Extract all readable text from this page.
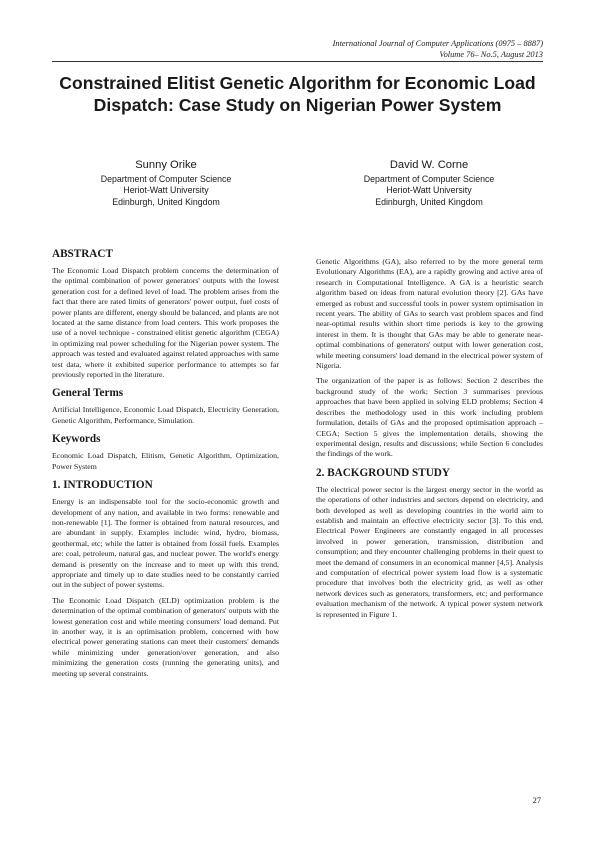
International Journal of Computer Applications (0975 – 8887)
Volume 76– No.5, August 2013
Constrained Elitist Genetic Algorithm for Economic Load Dispatch: Case Study on Nigerian Power System
Sunny Orike
Department of Computer Science
Heriot-Watt University
Edinburgh, United Kingdom
David W. Corne
Department of Computer Science
Heriot-Watt University
Edinburgh, United Kingdom
ABSTRACT

The Economic Load Dispatch problem concerns the determination of the optimal combination of power generators' outputs with the lowest generation cost for a defined level of load. The problem arises from the fact that there are rated limits of generators' power output, fuel costs of power plants are different, energy should be balanced, and plants are not located at the same distance from load centers. This work proposes the use of a novel technique - constrained elitist genetic algorithm (CEGA) in optimizing real power scheduling for the Nigerian power system. The approach was tested and evaluated against related approaches with same test data, where it exhibited superior performance to attempts so far previously reported in the literature.

General Terms

Artificial Intelligence, Economic Load Dispatch, Electricity Generation, Genetic Algorithm, Performance, Simulation.

Keywords

Economic Load Dispatch, Elitism, Genetic Algorithm, Optimization, Power System

1. INTRODUCTION

Energy is an indispensable tool for the socio-economic growth and development of any nation, and available in two forms: renewable and non-renewable [1]. The former is obtained from natural resources, and are abundant in supply. Examples include: wind, hydro, biomass, geothermal, etc; while the latter is obtained from fossil fuels. Examples are: coal, petroleum, natural gas, and nuclear power. The world's energy demand is presently on the increase and to meet up with this trend, appropriate and timely up to date studies need to be constantly carried out in the subject of power systems.

The Economic Load Dispatch (ELD) optimization problem is the determination of the optimal combination of generators' outputs with the lowest generation cost and while meeting consumers' load demand. Put in another way, it is an optimisation problem, concerned with how electrical power generating stations can meet their customers' demands while minimizing under generation/over generation, and also minimizing the generation costs (running the generating units), and meeting up several constraints.

Genetic Algorithms (GA), also referred to by the more general term Evolutionary Algorithms (EA), are a rapidly growing and active area of research in Computational Intelligence. A GA is a heuristic search algorithm based on ideas from natural evolution theory [2]. GAs have emerged as robust and successful tools in power system optimisation in recent years. The ability of GAs to search vast problem spaces and find near-optimal results within short time periods is key to the growing interest in them. It is thought that GAs may be able to generate near-optimal combinations of generators' output with lower generation cost, while meeting consumers' load demand in the electrical power system of Nigeria.

The organization of the paper is as follows: Section 2 describes the background study of the work; Section 3 summarises previous approaches that have been applied in solving ELD problems; Section 4 describes the methodology used in this work including problem formulation, details of GAs and the proposed optimisation approach – CEGA; Section 5 gives the implementation details, showing the experimental design, results and discussions; while Section 6 concludes the findings of the work.

2. BACKGROUND STUDY

The electrical power sector is the largest energy sector in the world as the operations of other industries and sectors depend on electricity, and both developed as well as developing countries in the world aim to establish and maintain an effective electricity sector [3]. To this end, Electrical Power Engineers are constantly engaged in all processes involved in power generation, transmission, distribution and consumption; and they encounter challenging problems in their quest to meet the demand of consumers in an economical manner [4,5]. Analysis and computation of electrical power system load flow is a systematic procedure that involves both the electricity grid, as well as other network devices such as generators, transformers, etc; and performance evaluation mechanism of the network. A typical power system network is represented in Figure 1.

27
